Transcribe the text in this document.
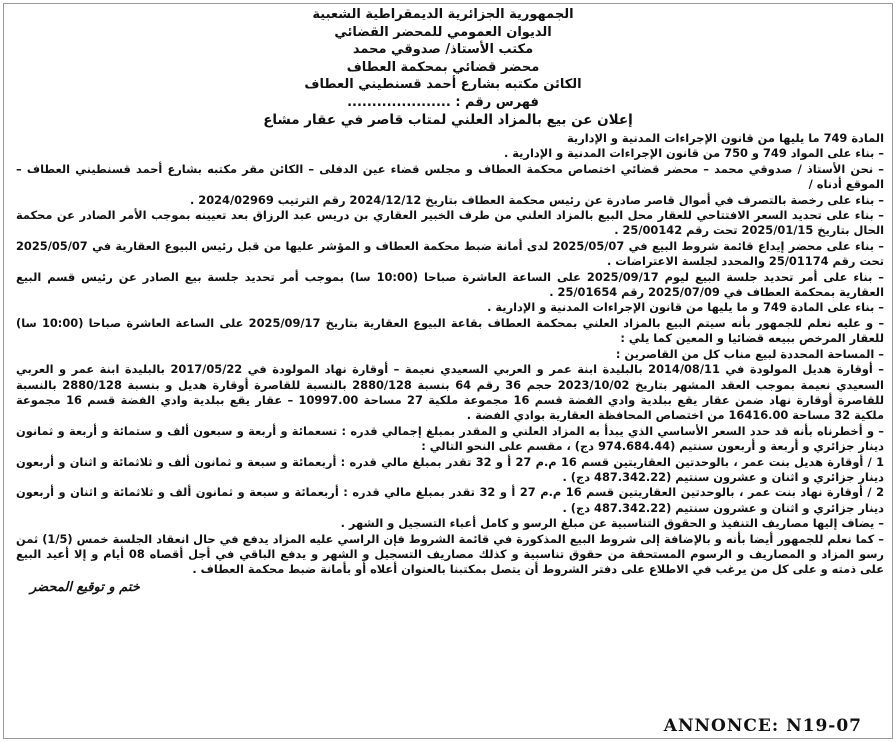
الجمهورية الجزائرية الديمقراطية الشعبية
الديوان العمومي للمحضر القضائي
مكتب الأستاذ/ صدوقي محمد
محضر قضائي بمحكمة العطاف
الكائن مكتبه بشارع أحمد قسنطيني العطاف
فهرس رقم : .....................
إعلان عن بيع بالمزاد العلني لمتاب قاصر في عقار مشاع

المادة 749 ما يليها من قانون الإجراءات المدنية و الإدارية

– بناء على المواد 749 و 750 من قانون الإجراءات المدنية و الإدارية .

– نحن الأستاذ / صدوقي محمد – محضر قضائي اختصاص محكمة العطاف و مجلس قضاء عين الدفلى – الكائن مقر مكتبه بشارع أحمد قسنطيني العطاف – الموقع أدناه /

– بناء على رخصة بالتصرف في أموال قاصر صادرة عن رئيس محكمة العطاف بتاريخ 2024/12/12 رقم الترتيب 2024/02969 .

– بناء على تحديد السعر الافتتاحي للعقار محل البيع بالمزاد العلني من طرف الخبير العقاري بن دريس عبد الرزاق بعد تعيينه بموجب الأمر الصادر عن محكمة الحال بتاريخ 2025/01/15 تحت رقم 25/00142 .

– بناء على محضر إيداع قائمة شروط البيع في 2025/05/07 لدى أمانة ضبط محكمة العطاف و المؤشر عليها من قبل رئيس البيوع العقارية في 2025/05/07 تحت رقم 25/01174 والمحدد لجلسة الاعتراضات .

– بناء على أمر تحديد جلسة البيع ليوم 2025/09/17 على الساعة العاشرة صباحا (10:00 سا) بموجب أمر تحديد جلسة بيع الصادر عن رئيس قسم البيع العقارية بمحكمة العطاف في 2025/07/09 رقم 25/01654 .

– بناء على المادة 749 و ما يليها من قانون الإجراءات المدنية و الإدارية .

– و عليه نعلم للجمهور بأنه سيتم البيع بالمزاد العلني بمحكمة العطاف بقاعة البيوع العقارية بتاريخ 2025/09/17 على الساعة العاشرة صباحا (10:00 سا) للعقار المرخص ببيعه قضائيا و المعين كما يلي :

– المساحة المحددة لبيع مناب كل من القاصرين :

– أوقارة هديل المولودة في 2014/08/11 بالبليدة ابنة عمر و العربي السعيدي نعيمة – أوقارة نهاد المولودة في 2017/05/22 بالبليدة ابنة عمر و العربي السعيدي نعيمة بموجب العقد المشهر بتاريخ 2023/10/02 حجم 36 رقم 64 بنسبة 2880/128 بالنسبة للقاصرة أوقارة هديل و بنسبة 2880/128 بالنسبة للقاصرة أوقارة نهاد ضمن عقار يقع ببلدية وادي الفضة قسم 16 مجموعة ملكية 27 مساحة 10997.00 – عقار يقع ببلدية وادي الفضة قسم 16 مجموعة ملكية 32 مساحة 16416.00 من اختصاص المحافظة العقارية بوادي الفضة .

– و أخطرناه بأنه قد حدد السعر الأساسي الذي يبدأ به المزاد العلني و المقدر بمبلغ إجمالي قدره : تسعمائة و أربعة و سبعون ألف و ستمائة و أربعة و ثمانون دينار جزائري و أربعة و أربعون سنتيم (974.684.44 دج) ، مقسم على النحو التالي :

1 / أوقارة هديل بنت عمر ، بالوحدتين العقاريتين قسم 16 م.م 27 أ و 32 تقدر بمبلغ مالي قدره : أربعمائة و سبعة و ثمانون ألف و ثلاثمائة و اثنان و أربعون دينار جزائري و اثنان و عشرون سنتيم (487.342.22 دج) .

2 / أوقارة نهاد بنت عمر ، بالوحدتين العقاريتين قسم 16 م.م 27 أ و 32 تقدر بمبلغ مالي قدره : أربعمائة و سبعة و ثمانون ألف و ثلاثمائة و اثنان و أربعون دينار جزائري و اثنان و عشرون سنتيم (487.342.22 دج) .

– يضاف إليها مصاريف التنفيذ و الحقوق التناسبية عن مبلغ الرسو و كامل أعباء التسجيل و الشهر .

– كما نعلم للجمهور أيضا بأنه و بالإضافة إلى شروط البيع المذكورة في قائمة الشروط فإن الراسي عليه المزاد يدفع في حال انعقاد الجلسة خمس (1/5) ثمن رسو المزاد و المصاريف و الرسوم المستحقة من حقوق تناسبية و كذلك مصاريف التسجيل و الشهر و يدفع الباقي في أجل أقصاه 08 أيام و إلا أعيد البيع على ذمته و على كل من يرغب في الاطلاع على دفتر الشروط أن يتصل بمكتبنا بالعنوان أعلاه أو بأمانة ضبط محكمة العطاف .

ختم و توقيع المحضر
ANNONCE: N19-07
